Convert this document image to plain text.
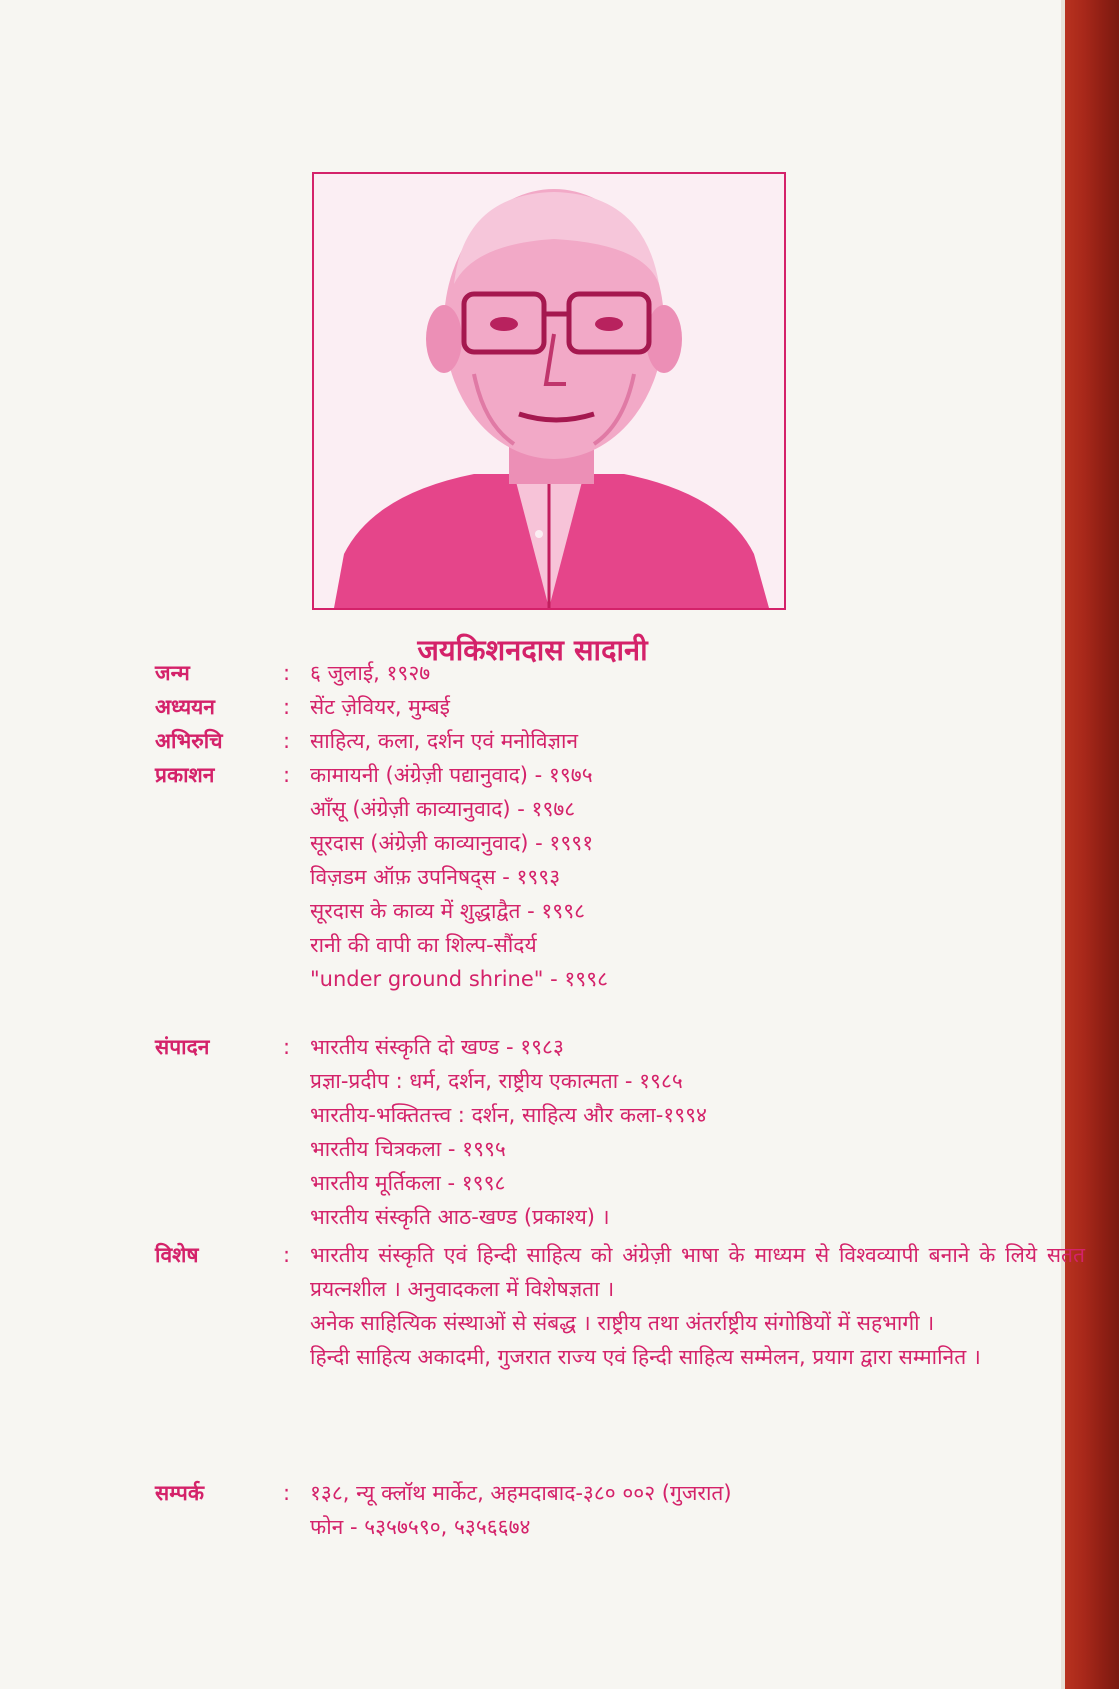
जयकिशनदास सादानी
जन्म	: ६ जुलाई, १९२७
अध्ययन	: सेंट ज़ेवियर, मुम्बई
अभिरुचि	: साहित्य, कला, दर्शन एवं मनोविज्ञान
प्रकाशन	: कामायनी (अंग्रेज़ी पद्यानुवाद) - १९७५
आँसू (अंग्रेज़ी काव्यानुवाद) - १९७८
सूरदास (अंग्रेज़ी काव्यानुवाद) - १९९१
विज़डम ऑफ़ उपनिषद्स - १९९३
सूरदास के काव्य में शुद्धाद्वैत - १९९८
रानी की वापी का शिल्प-सौंदर्य
"under ground shrine" - १९९८
संपादन	: भारतीय संस्कृति दो खण्ड - १९८३
प्रज्ञा-प्रदीप : धर्म, दर्शन, राष्ट्रीय एकात्मता - १९८५
भारतीय-भक्तितत्त्व : दर्शन, साहित्य और कला-१९९४
भारतीय चित्रकला - १९९५
भारतीय मूर्तिकला - १९९८
भारतीय संस्कृति आठ-खण्ड (प्रकाश्य) ।
विशेष	: भारतीय संस्कृति एवं हिन्दी साहित्य को अंग्रेज़ी भाषा के माध्यम से विश्वव्यापी बनाने के लिये सतत प्रयत्नशील । अनुवादकला में विशेषज्ञता ।
अनेक साहित्यिक संस्थाओं से संबद्ध । राष्ट्रीय तथा अंतर्राष्ट्रीय संगोष्ठियों में सहभागी ।
हिन्दी साहित्य अकादमी, गुजरात राज्य एवं हिन्दी साहित्य सम्मेलन, प्रयाग द्वारा सम्मानित ।
सम्पर्क	: १३८, न्यू क्लॉथ मार्केट, अहमदाबाद-३८० ००२ (गुजरात)
फोन - ५३५७५९०, ५३५६६७४
